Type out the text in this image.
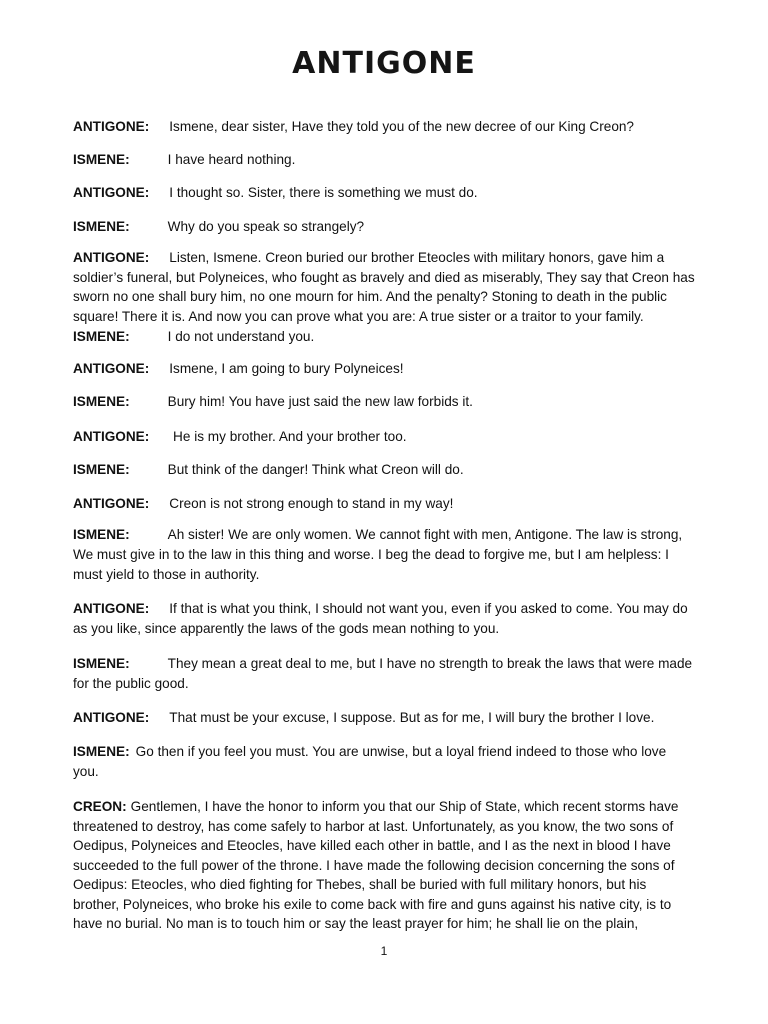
ANTIGONE
ANTIGONE: Ismene, dear sister, Have they told you of the new decree of our King Creon?
ISMENE:	I have heard nothing.
ANTIGONE: I thought so. Sister, there is something we must do.
ISMENE:	Why do you speak so strangely?
ANTIGONE: Listen, Ismene. Creon buried our brother Eteocles with military honors, gave him a
soldier’s funeral, but Polyneices, who fought as bravely and died as miserably, They say that Creon has
sworn no one shall bury him, no one mourn for him. And the penalty? Stoning to death in the public
square! There it is. And now you can prove what you are: A true sister or a traitor to your family.
ISMENE:	I do not understand you.
ANTIGONE: Ismene, I am going to bury Polyneices!
ISMENE:	Bury him! You have just said the new law forbids it.
ANTIGONE: He is my brother. And your brother too.
ISMENE:	But think of the danger! Think what Creon will do.
ANTIGONE: Creon is not strong enough to stand in my way!
ISMENE:	Ah sister! We are only women. We cannot fight with men, Antigone. The law is strong,
We must give in to the law in this thing and worse. I beg the dead to forgive me, but I am helpless: I
must yield to those in authority.
ANTIGONE: If that is what you think, I should not want you, even if you asked to come. You may do
as you like, since apparently the laws of the gods mean nothing to you.
ISMENE:	They mean a great deal to me, but I have no strength to break the laws that were made
for the public good.
ANTIGONE: That must be your excuse, I suppose. But as for me, I will bury the brother I love.
ISMENE: Go then if you feel you must. You are unwise, but a loyal friend indeed to those who love
you.
CREON: Gentlemen, I have the honor to inform you that our Ship of State, which recent storms have
threatened to destroy, has come safely to harbor at last. Unfortunately, as you know, the two sons of
Oedipus, Polyneices and Eteocles, have killed each other in battle, and I as the next in blood I have
succeeded to the full power of the throne. I have made the following decision concerning the sons of
Oedipus: Eteocles, who died fighting for Thebes, shall be buried with full military honors, but his
brother, Polyneices, who broke his exile to come back with fire and guns against his native city, is to
have no burial. No man is to touch him or say the least prayer for him; he shall lie on the plain,
1
